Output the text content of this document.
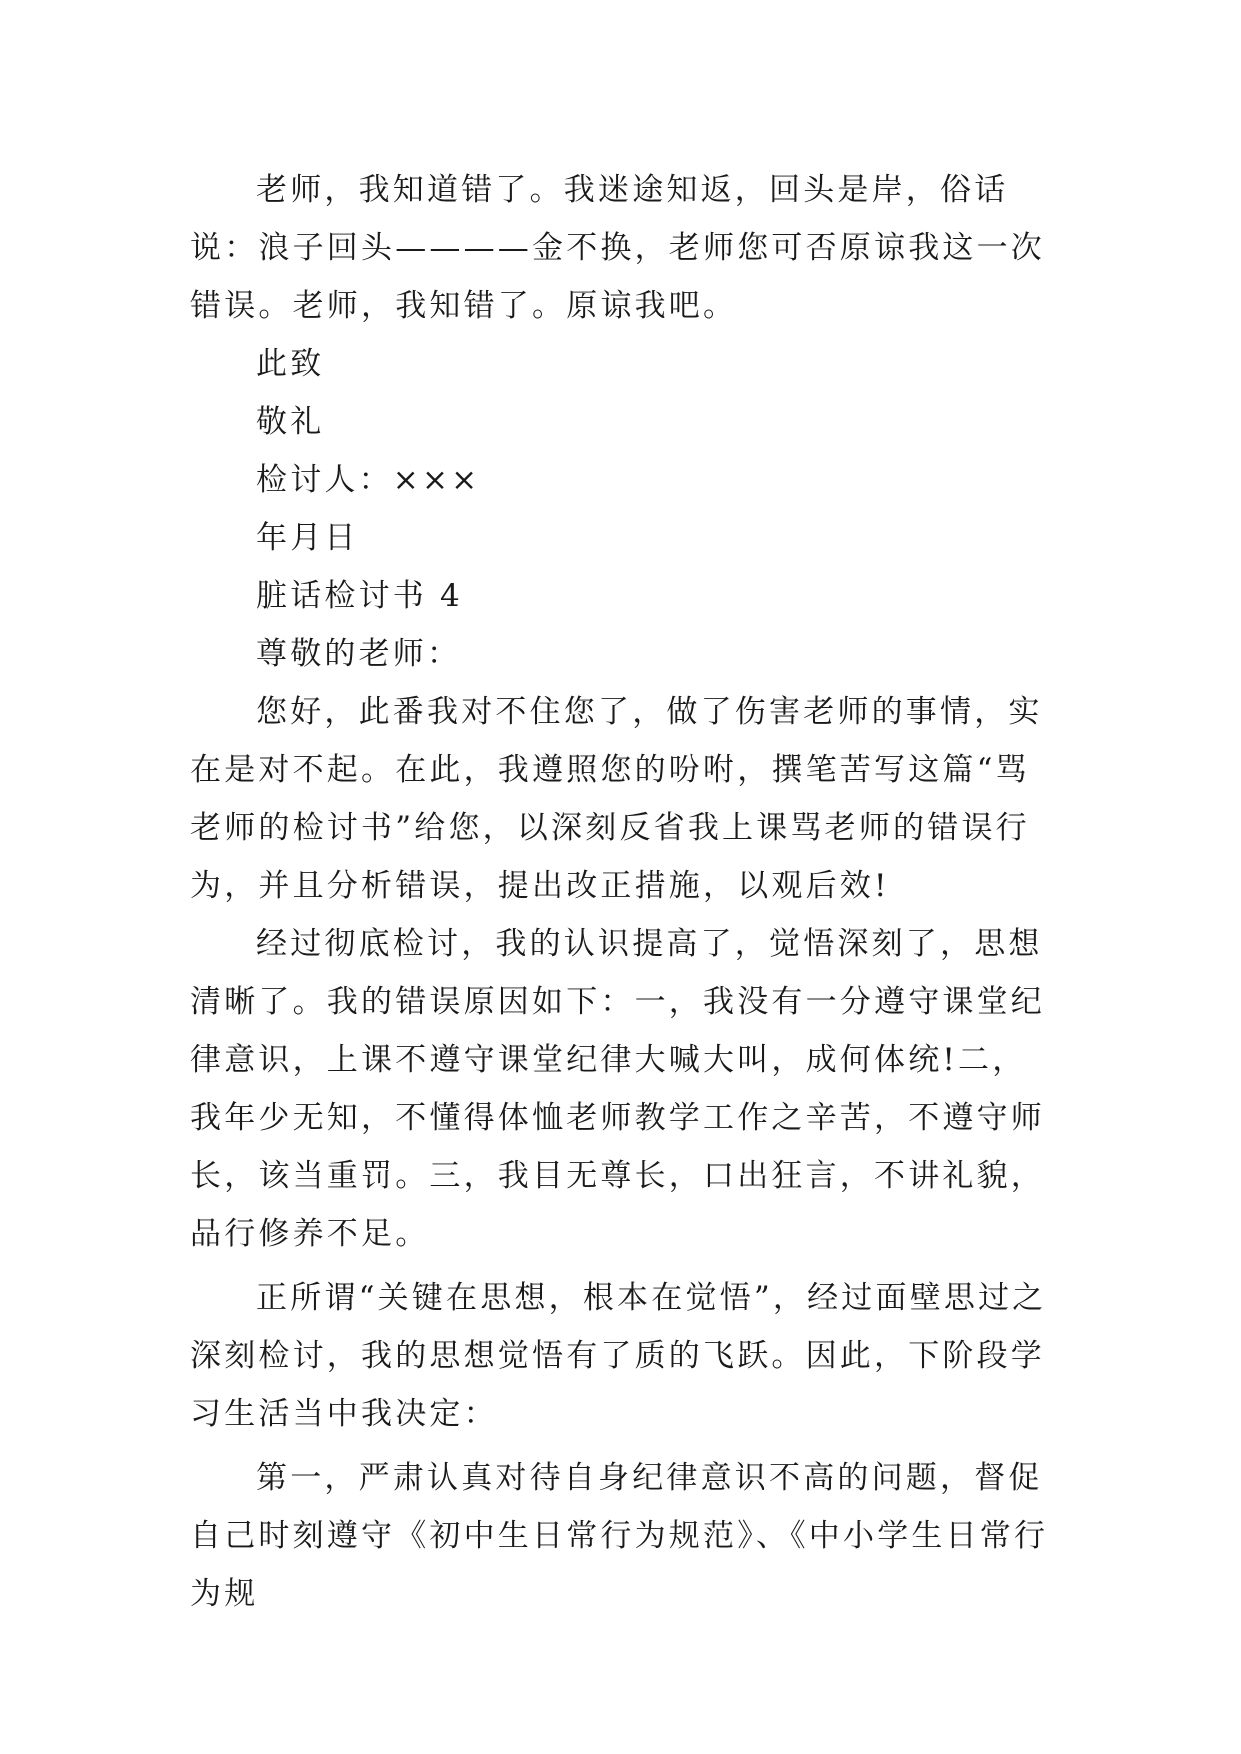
老师，我知道错了。我迷途知返，回头是岸，俗话说：浪子回头————金不换，老师您可否原谅我这一次错误。老师，我知错了。原谅我吧。

此致

敬礼

检讨人：×××

年月日

脏话检讨书 4

尊敬的老师：

您好，此番我对不住您了，做了伤害老师的事情，实在是对不起。在此，我遵照您的吩咐，撰笔苦写这篇“骂老师的检讨书”给您，以深刻反省我上课骂老师的错误行为，并且分析错误，提出改正措施，以观后效!

经过彻底检讨，我的认识提高了，觉悟深刻了，思想清晰了。我的错误原因如下：一，我没有一分遵守课堂纪律意识，上课不遵守课堂纪律大喊大叫，成何体统!二，我年少无知，不懂得体恤老师教学工作之辛苦，不遵守师长，该当重罚。三，我目无尊长，口出狂言，不讲礼貌，品行修养不足。

正所谓“关键在思想，根本在觉悟”，经过面壁思过之深刻检讨，我的思想觉悟有了质的飞跃。因此，下阶段学习生活当中我决定：

第一，严肃认真对待自身纪律意识不高的问题，督促自己时刻遵守《初中生日常行为规范》、《中小学生日常行为规
